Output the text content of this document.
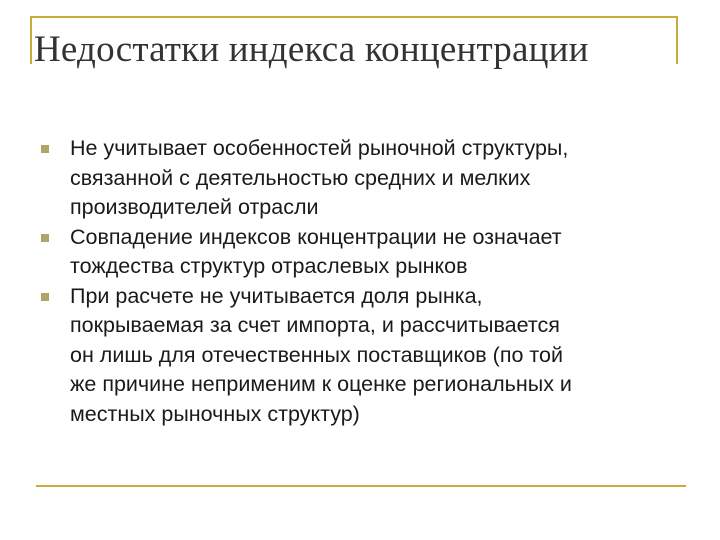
Недостатки индекса концентрации
Не учитывает особенностей рыночной структуры,
связанной с деятельностью средних и мелких
производителей отрасли
Совпадение индексов концентрации не означает
тождества структур отраслевых рынков
При расчете не учитывается доля рынка,
покрываемая за счет импорта, и рассчитывается
он лишь для отечественных поставщиков (по той
же причине неприменим к оценке региональных и
местных рыночных структур)
